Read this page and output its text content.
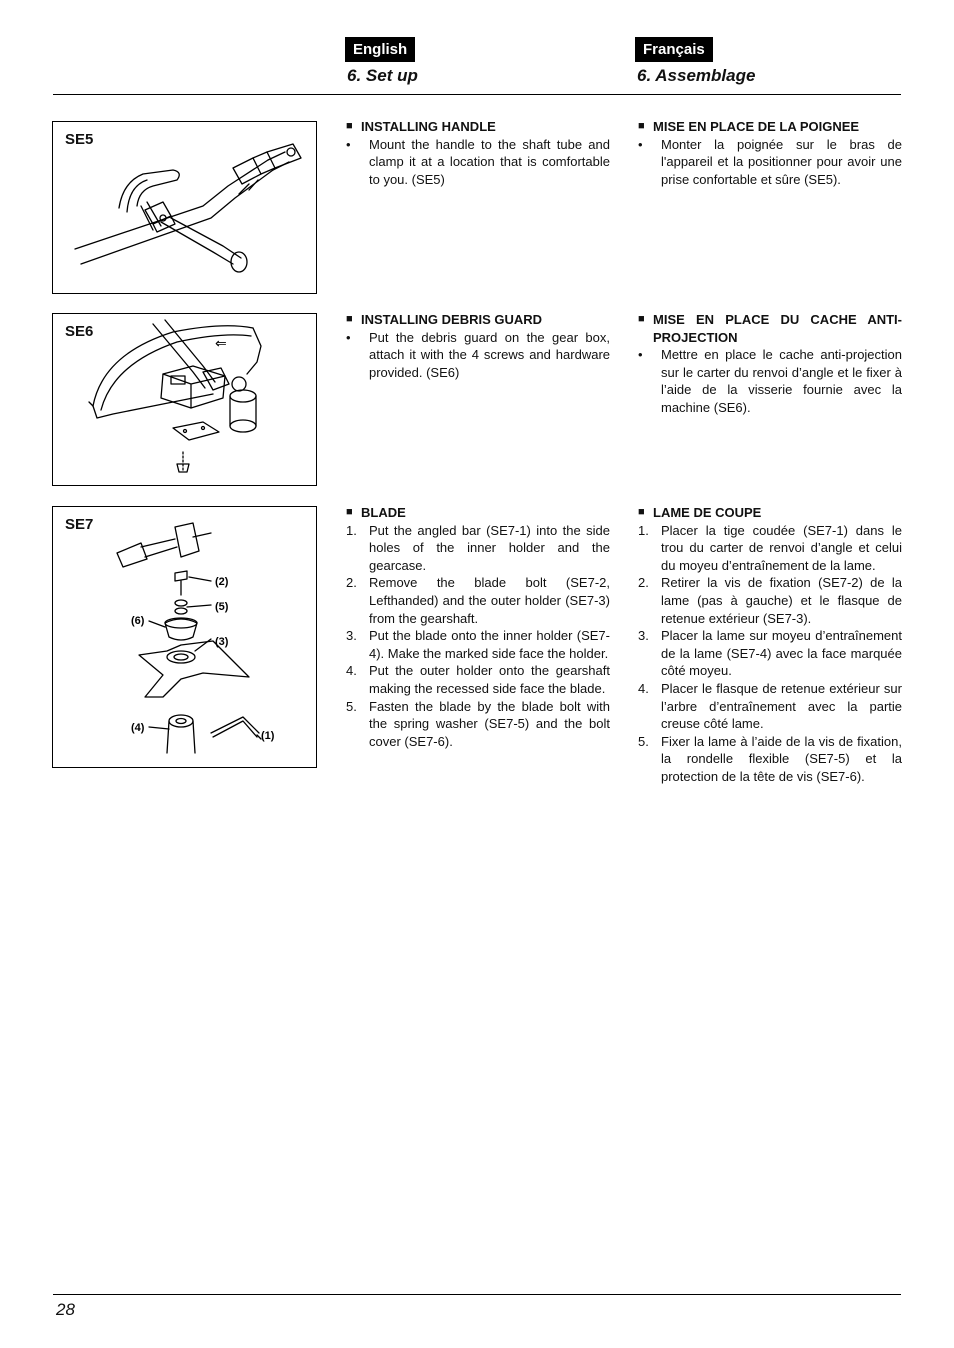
English	Français
6. Set up	6. Assemblage
SE5
⇐
SE6
(2)
(5)
(6)
(3)
(4)
(1)
SE7
■ INSTALLING HANDLE
•	Mount the handle to the shaft tube and clamp it at a location that is comfortable to you. (SE5)
■ MISE EN PLACE DE LA POIGNEE
•	Monter la poignée sur le bras de l'appareil et la positionner pour avoir une prise confortable et sûre (SE5).
■ INSTALLING DEBRIS GUARD
•	Put the debris guard on the gear box, attach it with the 4 screws and hardware provided. (SE6)
■ MISE EN PLACE DU CACHE ANTI-PROJECTION
•	Mettre en place le cache anti-projection sur le carter du renvoi d’angle et le fixer à l’aide de la visserie fournie avec la machine (SE6).
■ BLADE
1. Put the angled bar (SE7-1) into the side holes of the inner holder and the gearcase.
2. Remove the blade bolt (SE7-2, Lefthanded) and the outer holder (SE7-3) from the gearshaft.
3. Put the blade onto the inner holder (SE7-4). Make the marked side face the holder.
4. Put the outer holder onto the gearshaft making the recessed side face the blade.
5. Fasten the blade by the blade bolt with the spring washer (SE7-5) and the bolt cover (SE7-6).
■ LAME DE COUPE
1. Placer la tige coudée (SE7-1) dans le trou du carter de renvoi d’angle et celui du moyeu d’entraînement de la lame.
2. Retirer la vis de fixation (SE7-2) de la lame (pas à gauche) et le flasque de retenue extérieur (SE7-3).
3. Placer la lame sur moyeu d’entraînement de la lame (SE7-4) avec la face marquée côté moyeu.
4. Placer le flasque de retenue extérieur sur l’arbre d’entraînement avec la partie creuse côté lame.
5. Fixer la lame à l’aide de la vis de fixation, la rondelle flexible (SE7-5) et la protection de la tête de vis (SE7-6).
28
